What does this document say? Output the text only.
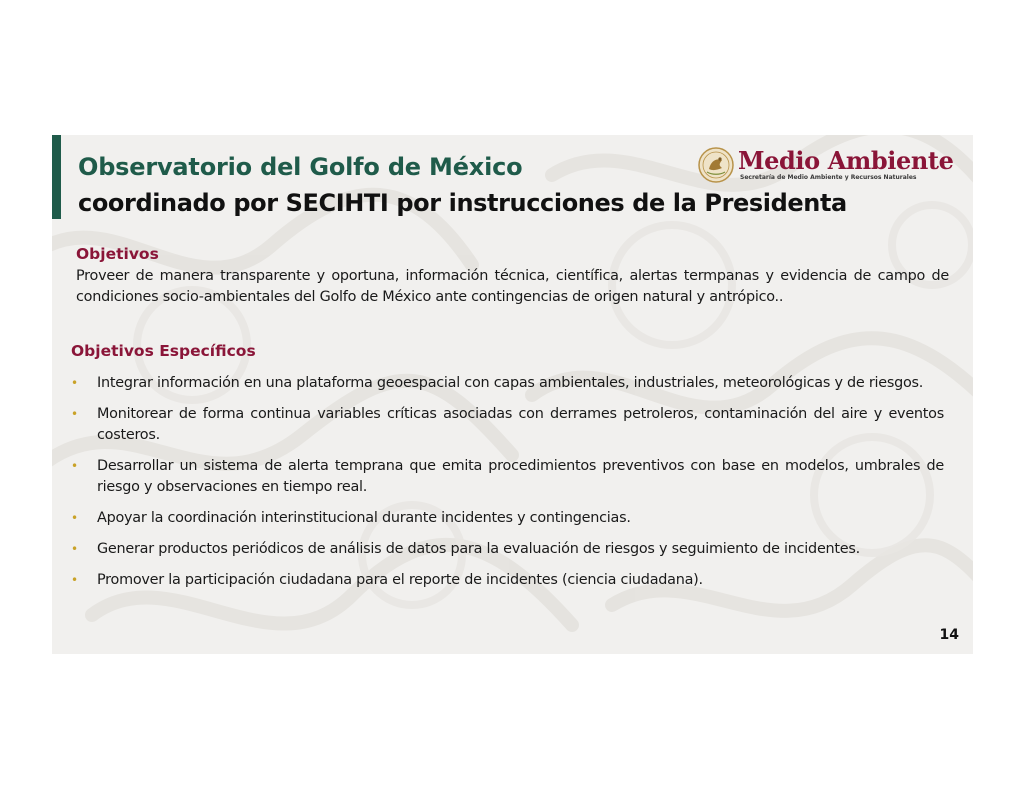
Observatorio del Golfo de México
coordinado por SECIHTI por instrucciones de la Presidenta
Medio Ambiente
Secretaría de Medio Ambiente y Recursos Naturales
Objetivos
Proveer de manera transparente y oportuna, información técnica, científica, alertas termpanas y evidencia de campo de condiciones socio-ambientales del Golfo de México ante contingencias de origen natural y antrópico..
Objetivos Específicos
• Integrar información en una plataforma geoespacial con capas ambientales, industriales, meteorológicas y de riesgos.
• Monitorear de forma continua variables críticas asociadas con derrames petroleros, contaminación del aire y eventos costeros.
• Desarrollar un sistema de alerta temprana que emita procedimientos preventivos con base en modelos, umbrales de riesgo y observaciones en tiempo real.
• Apoyar la coordinación interinstitucional durante incidentes y contingencias.
• Generar productos periódicos de análisis de datos para la evaluación de riesgos y seguimiento de incidentes.
• Promover la participación ciudadana para el reporte de incidentes (ciencia ciudadana).
14
